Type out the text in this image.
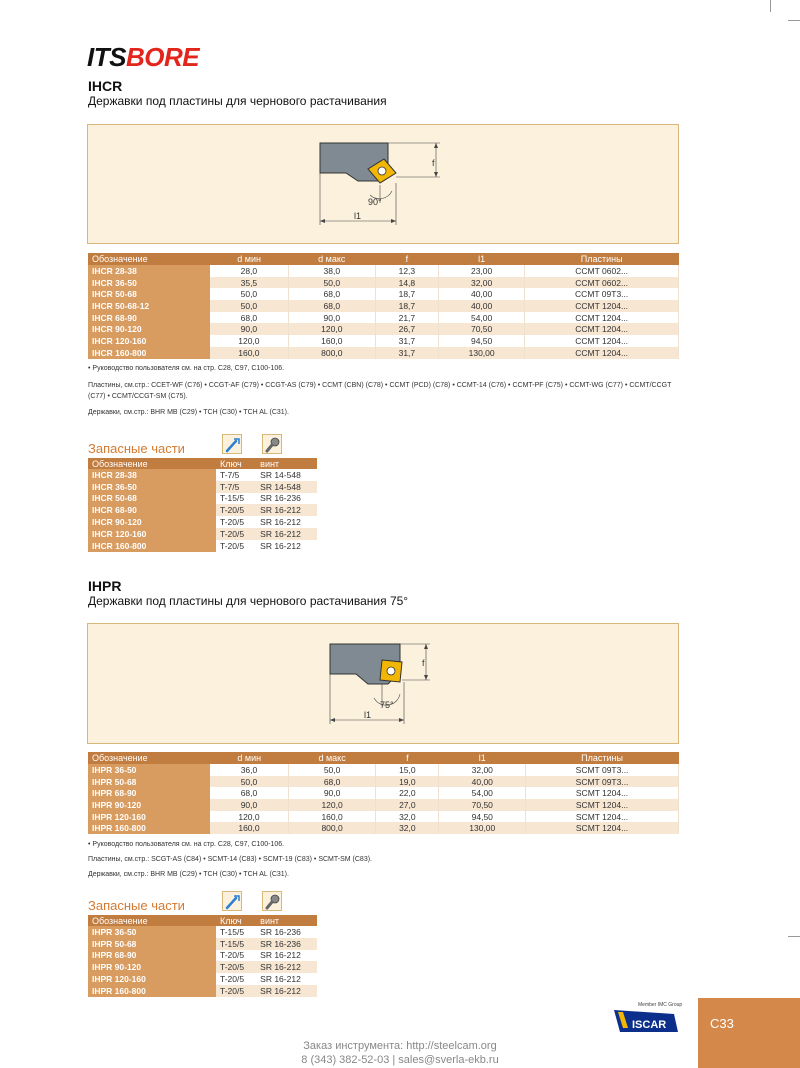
ITSBORE
IHCR
Державки под пластины для чернового растачивания
f
90°
l1
Обозначение	d мин	d макс	f	l1	Пластины
IHCR 28-38	28,0	38,0	12,3	23,00	CCMT 0602...
IHCR 36-50	35,5	50,0	14,8	32,00	CCMT 0602...
IHCR 50-68	50,0	68,0	18,7	40,00	CCMT 09T3...
IHCR 50-68-12	50,0	68,0	18,7	40,00	CCMT 1204...
IHCR 68-90	68,0	90,0	21,7	54,00	CCMT 1204...
IHCR 90-120	90,0	120,0	26,7	70,50	CCMT 1204...
IHCR 120-160	120,0	160,0	31,7	94,50	CCMT 1204...
IHCR 160-800	160,0	800,0	31,7	130,00	CCMT 1204...
• Руководство пользователя см. на стр. C28, C97, C100-106.
Пластины, см.стр.: CCET-WF (C76) • CCGT-AF (C79) • CCGT-AS (C79) • CCMT (CBN) (C78) • CCMT (PCD) (C78) • CCMT-14 (C76) • CCMT-PF (C75) • CCMT-WG (C77) • CCMT/CCGT (C77) • CCMT/CCGT-SM (C75).
Державки, см.стр.: BHR MB (C29) • TCH (C30) • TCH AL (C31).
Запасные части
Обозначение	Ключ	винт
IHCR 28-38	T-7/5	SR 14-548
IHCR 36-50	T-7/5	SR 14-548
IHCR 50-68	T-15/5	SR 16-236
IHCR 68-90	T-20/5	SR 16-212
IHCR 90-120	T-20/5	SR 16-212
IHCR 120-160	T-20/5	SR 16-212
IHCR 160-800	T-20/5	SR 16-212
IHPR
Державки под пластины для чернового растачивания 75°
f
75°
l1
Обозначение	d мин	d макс	f	l1	Пластины
IHPR 36-50	36,0	50,0	15,0	32,00	SCMT 09T3...
IHPR 50-68	50,0	68,0	19,0	40,00	SCMT 09T3...
IHPR 68-90	68,0	90,0	22,0	54,00	SCMT 1204...
IHPR 90-120	90,0	120,0	27,0	70,50	SCMT 1204...
IHPR 120-160	120,0	160,0	32,0	94,50	SCMT 1204...
IHPR 160-800	160,0	800,0	32,0	130,00	SCMT 1204...
• Руководство пользователя см. на стр. C28, C97, C100-106.
Пластины, см.стр.: SCGT-AS (C84) • SCMT-14 (C83) • SCMT-19 (C83) • SCMT-SM (C83).
Державки, см.стр.: BHR MB (C29) • TCH (C30) • TCH AL (C31).
Запасные части
Обозначение	Ключ	винт
IHPR 36-50	T-15/5	SR 16-236
IHPR 50-68	T-15/5	SR 16-236
IHPR 68-90	T-20/5	SR 16-212
IHPR 90-120	T-20/5	SR 16-212
IHPR 120-160	T-20/5	SR 16-212
IHPR 160-800	T-20/5	SR 16-212
Member IMC Group
ISCAR	C33
Заказ инструмента: http://steelcam.org
8 (343) 382-52-03 | sales@sverla-ekb.ru
